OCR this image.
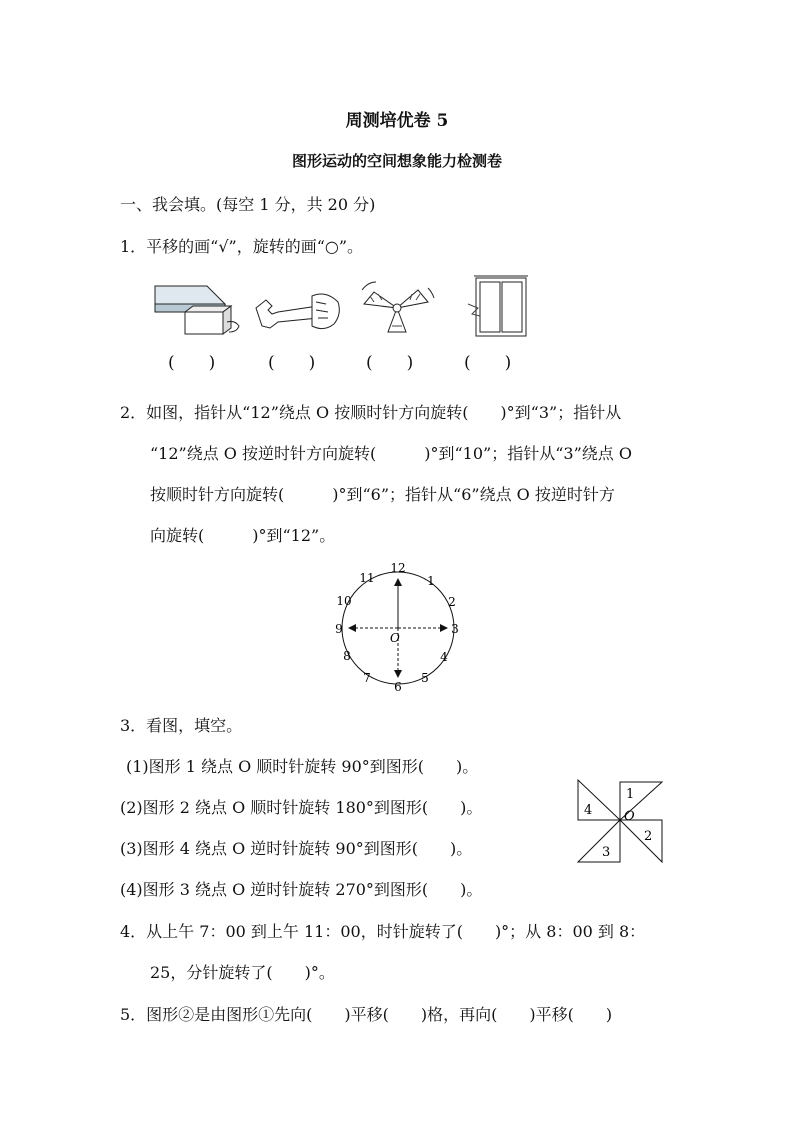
周测培优卷 5
图形运动的空间想象能力检测卷
一、我会填。(每空 1 分，共 20 分)
1．平移的画“√”，旋转的画“○”。
(　　)	(　　)	(　　)	(　　)
2．如图，指针从“12”绕点 O 按顺时针方向旋转(　　)°到“3”；指针从
“12”绕点 O 按逆时针方向旋转(　　　)°到“10”；指针从“3”绕点 O
按顺时针方向旋转(　　　)°到“6”；指针从“6”绕点 O 按逆时针方
向旋转(　　　)°到“12”。
12
1
2
3
4
5
6
7
8
9
10
11
O
3．看图，填空。
(1)图形 1 绕点 O 顺时针旋转 90°到图形(　　)。
(2)图形 2 绕点 O 顺时针旋转 180°到图形(　　)。
(3)图形 4 绕点 O 逆时针旋转 90°到图形(　　)。
(4)图形 3 绕点 O 逆时针旋转 270°到图形(　　)。
1
2
3
4 O
4．从上午 7：00 到上午 11：00，时针旋转了(　　)°；从 8：00 到 8：
25，分针旋转了(　　)°。
5．图形②是由图形①先向(　　)平移(　　)格，再向(　　)平移(　　)
